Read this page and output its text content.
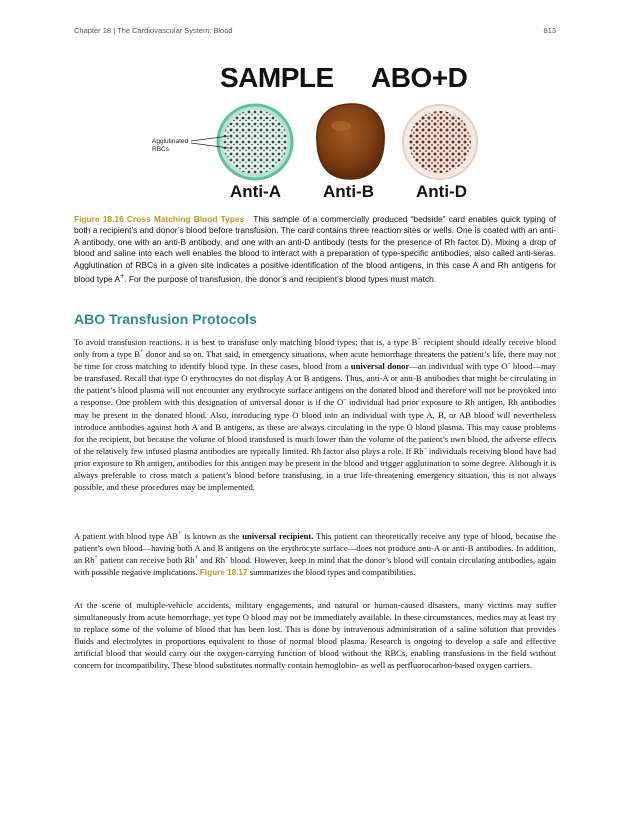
Chapter 18 | The Cardiovascular System: Blood	813
SAMPLE ABO+D
Agglutinated
RBCs
Anti-A Anti-B Anti-D
Figure 18.16 Cross Matching Blood Types This sample of a commercially produced “bedside” card enables quick typing of both a recipient’s and donor’s blood before transfusion. The card contains three reaction sites or wells. One is coated with an anti-A antibody, one with an anti-B antibody, and one with an anti-D antibody (tests for the presence of Rh factor D). Mixing a drop of blood and saline into each well enables the blood to interact with a preparation of type-specific antibodies, also called anti-seras. Agglutination of RBCs in a given site indicates a positive identification of the blood antigens, in this case A and Rh antigens for blood type A+. For the purpose of transfusion, the donor’s and recipient’s blood types must match.
ABO Transfusion Protocols
To avoid transfusion reactions, it is best to transfuse only matching blood types; that is, a type B+ recipient should ideally receive blood only from a type B+ donor and so on. That said, in emergency situations, when acute hemorrhage threatens the patient’s life, there may not be time for cross matching to identify blood type. In these cases, blood from a universal donor—an individual with type O– blood—may be transfused. Recall that type O erythrocytes do not display A or B antigens. Thus, anti-A or anti-B antibodies that might be circulating in the patient’s blood plasma will not encounter any erythrocyte surface antigens on the donated blood and therefore will not be provoked into a response. One problem with this designation of universal donor is if the O– individual had prior exposure to Rh antigen, Rh antibodies may be present in the donated blood. Also, introducing type O blood into an individual with type A, B, or AB blood will nevertheless introduce antibodies against both A and B antigens, as these are always circulating in the type O blood plasma. This may cause problems for the recipient, but because the volume of blood transfused is much lower than the volume of the patient’s own blood, the adverse effects of the relatively few infused plasma antibodies are typically limited. Rh factor also plays a role. If Rh– individuals receiving blood have had prior exposure to Rh antigen, antibodies for this antigen may be present in the blood and trigger agglutination to some degree. Although it is always preferable to cross match a patient’s blood before transfusing, in a true life-threatening emergency situation, this is not always possible, and these procedures may be implemented.
A patient with blood type AB+ is known as the universal recipient. This patient can theoretically receive any type of blood, because the patient’s own blood—having both A and B antigens on the erythrocyte surface—does not produce anti-A or anti-B antibodies. In addition, an Rh+ patient can receive both Rh+ and Rh– blood. However, keep in mind that the donor’s blood will contain circulating antibodies, again with possible negative implications. Figure 18.17 summarizes the blood types and compatibilities.
At the scene of multiple-vehicle accidents, military engagements, and natural or human-caused disasters, many victims may suffer simultaneously from acute hemorrhage, yet type O blood may not be immediately available. In these circumstances, medics may at least try to replace some of the volume of blood that has been lost. This is done by intravenous administration of a saline solution that provides fluids and electrolytes in proportions equivalent to those of normal blood plasma. Research is ongoing to develop a safe and effective artificial blood that would carry out the oxygen-carrying function of blood without the RBCs, enabling transfusions in the field without concern for incompatibility. These blood substitutes normally contain hemoglobin- as well as perfluorocarbon-based oxygen carriers.
